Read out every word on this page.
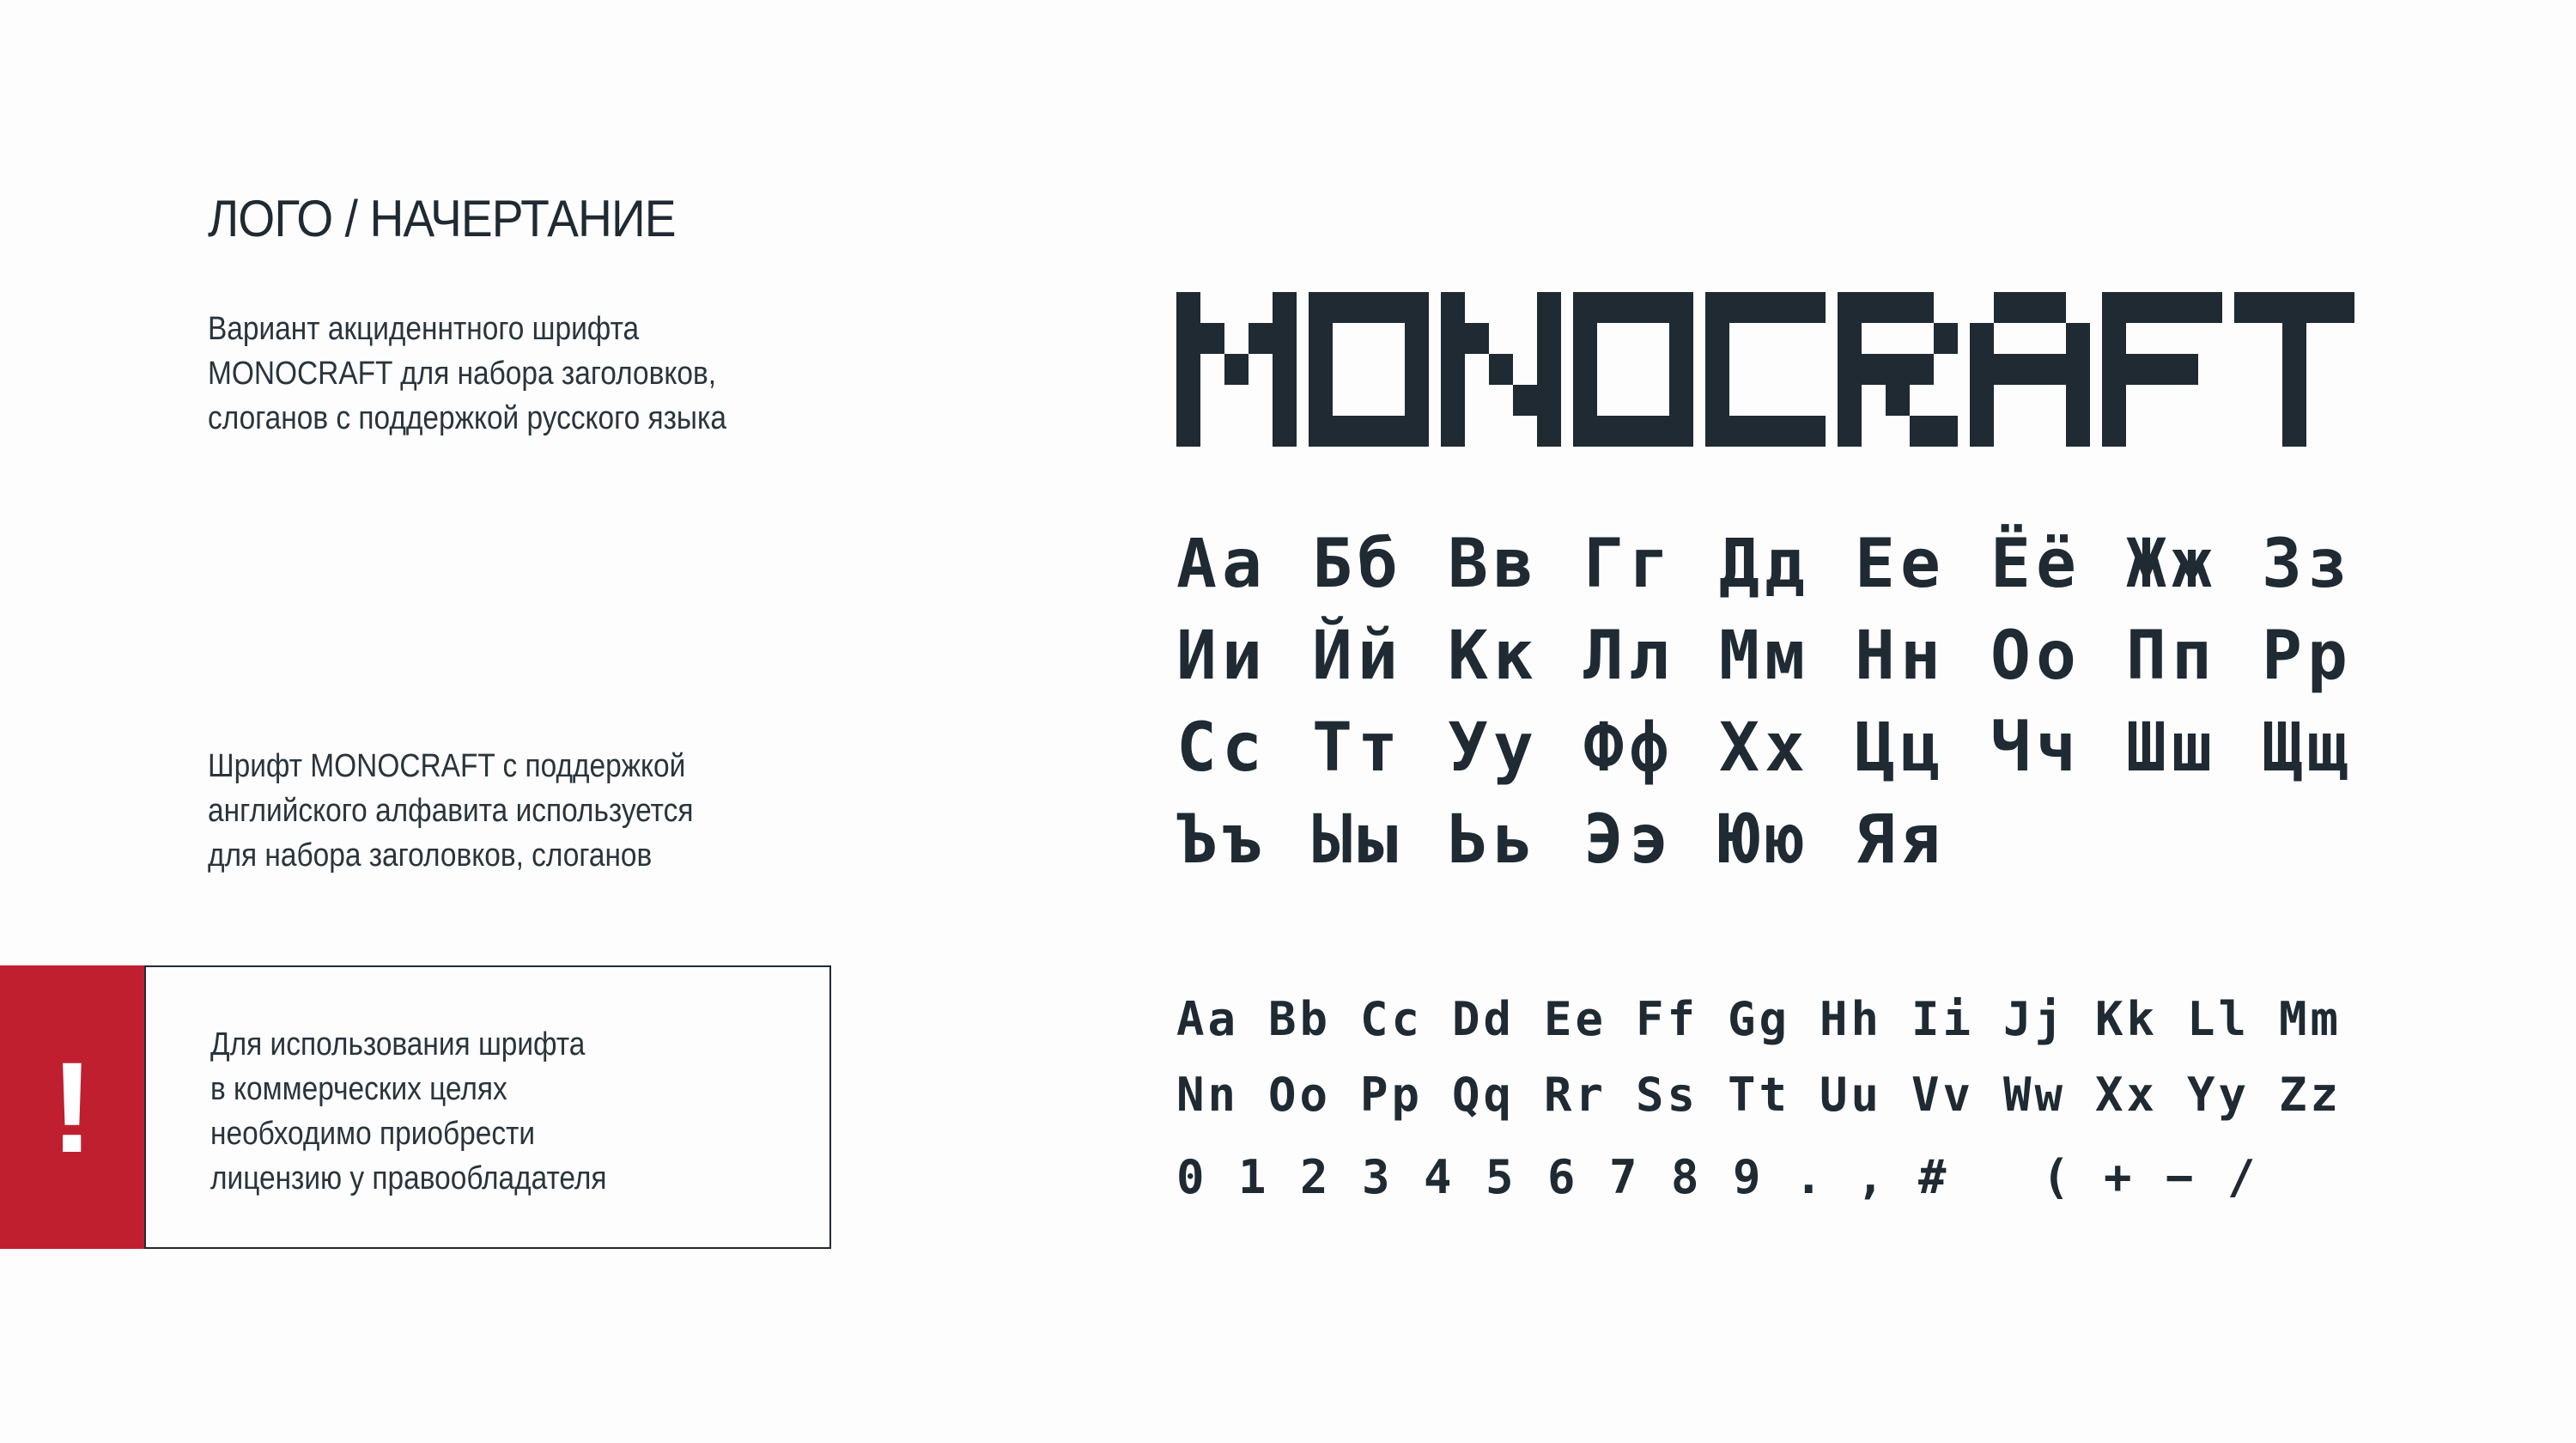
ЛОГО / НАЧЕРТАНИЕ
Вариант акциденнтного шрифта
MONOCRAFT для набора заголовков,
слоганов с поддержкой русского языка
Шрифт MONOCRAFT с поддержкой
английского алфавита используется
для набора заголовков, слоганов
!	Для использования шрифта
в коммерческих целях
необходимо приобрести
лицензию у правообладателя
Аа Бб Вв Гг Дд Ее Ёё Жж Зз
Ии Йй Кк Лл Мм Нн Оо Пп Рр
Сс Тт Уу Фф Хх Цц Чч Шш Щщ
Ъъ Ыы Ьь Ээ Юю Яя
Aa Bb Cc Dd Ee Ff Gg Hh Ii Jj Kk Ll Mm
Nn Oo Pp Qq Rr Ss Tt Uu Vv Ww Xx Yy Zz
0 1 2 3 4 5 6 7 8 9 . , #	( + − /
